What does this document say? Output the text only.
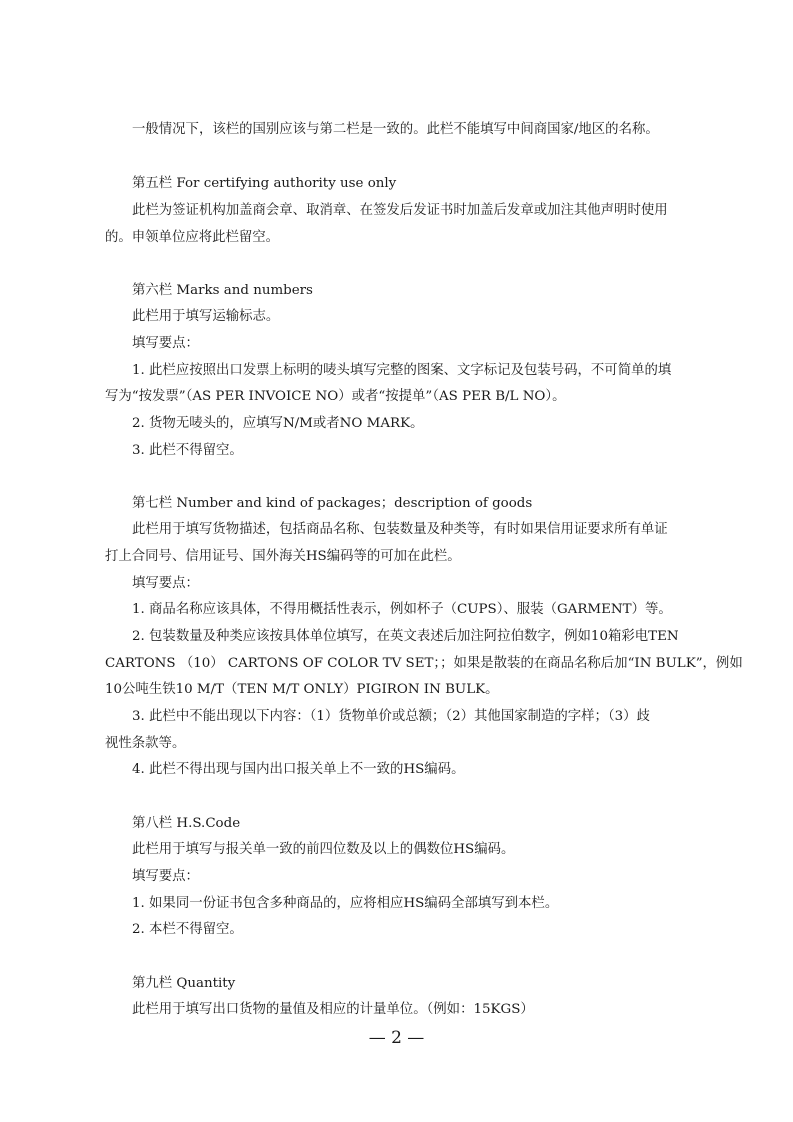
一般情况下，该栏的国别应该与第二栏是一致的。此栏不能填写中间商国家/地区的名称。
第五栏 For certifying authority use only
此栏为签证机构加盖商会章、取消章、在签发后发证书时加盖后发章或加注其他声明时使用
的。申领单位应将此栏留空。
第六栏 Marks and numbers
此栏用于填写运输标志。
填写要点：
1. 此栏应按照出口发票上标明的唛头填写完整的图案、文字标记及包装号码，不可简单的填
写为“按发票”（AS PER INVOICE NO）或者“按提单”（AS PER B/L NO）。
2. 货物无唛头的，应填写N/M或者NO MARK。
3. 此栏不得留空。
第七栏 Number and kind of packages；description of goods
此栏用于填写货物描述，包括商品名称、包装数量及种类等，有时如果信用证要求所有单证
打上合同号、信用证号、国外海关HS编码等的可加在此栏。
填写要点：
1. 商品名称应该具体，不得用概括性表示，例如杯子（CUPS）、服装（GARMENT）等。
2. 包装数量及种类应该按具体单位填写，在英文表述后加注阿拉伯数字，例如10箱彩电TEN
CARTONS （10） CARTONS OF COLOR TV SET；；如果是散装的在商品名称后加“IN BULK”，例如
10公吨生铁10 M/T（TEN M/T ONLY）PIGIRON IN BULK。
3. 此栏中不能出现以下内容：（1）货物单价或总额；（2）其他国家制造的字样；（3）歧
视性条款等。
4. 此栏不得出现与国内出口报关单上不一致的HS编码。
第八栏 H.S.Code
此栏用于填写与报关单一致的前四位数及以上的偶数位HS编码。
填写要点：
1. 如果同一份证书包含多种商品的，应将相应HS编码全部填写到本栏。
2. 本栏不得留空。
第九栏 Quantity
此栏用于填写出口货物的量值及相应的计量单位。（例如：15KGS）
— 2 —
